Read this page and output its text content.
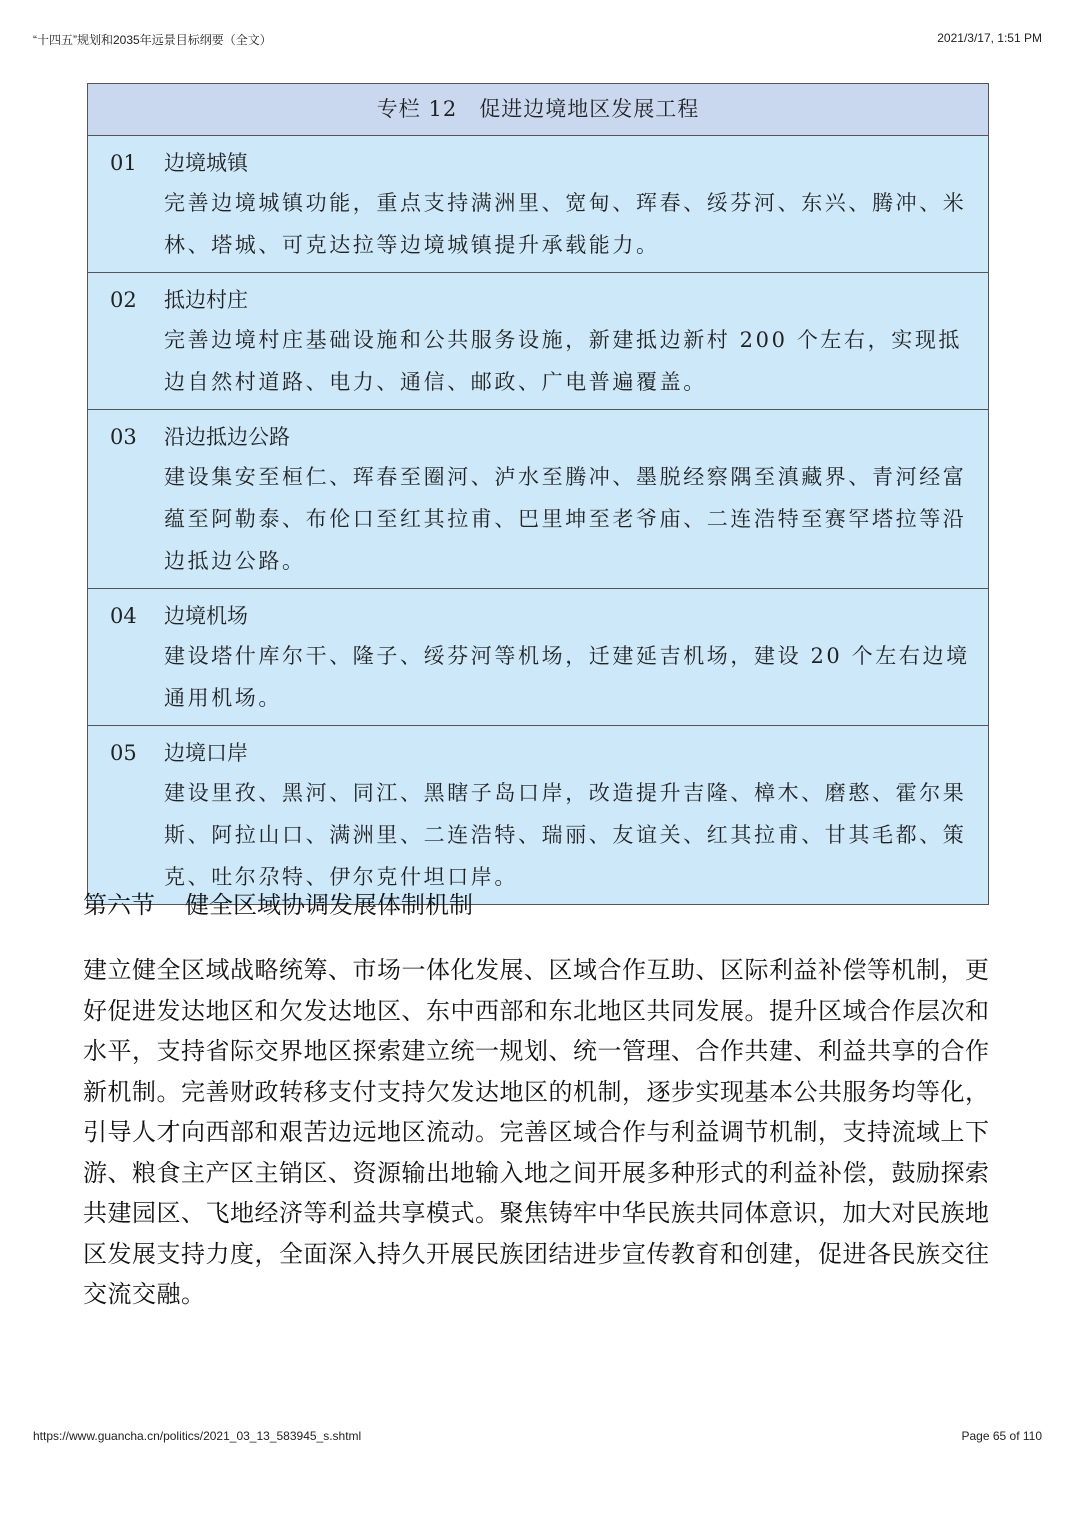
“十四五”规划和2035年远景目标纲要（全文）	2021/3/17, 1:51 PM
专栏 12　促进边境地区发展工程
01 边境城镇
完善边境城镇功能，重点支持满洲里、宽甸、珲春、绥芬河、东兴、腾冲、米林、塔城、可克达拉等边境城镇提升承载能力。
02 抵边村庄
完善边境村庄基础设施和公共服务设施，新建抵边新村 200 个左右，实现抵边自然村道路、电力、通信、邮政、广电普遍覆盖。
03 沿边抵边公路
建设集安至桓仁、珲春至圈河、泸水至腾冲、墨脱经察隅至滇藏界、青河经富蕴至阿勒泰、布伦口至红其拉甫、巴里坤至老爷庙、二连浩特至赛罕塔拉等沿边抵边公路。
04 边境机场
建设塔什库尔干、隆子、绥芬河等机场，迁建延吉机场，建设 20 个左右边境通用机场。
05 边境口岸
建设里孜、黑河、同江、黑瞎子岛口岸，改造提升吉隆、樟木、磨憨、霍尔果斯、阿拉山口、满洲里、二连浩特、瑞丽、友谊关、红其拉甫、甘其毛都、策克、吐尔尕特、伊尔克什坦口岸。
第六节 健全区域协调发展体制机制
建立健全区域战略统筹、市场一体化发展、区域合作互助、区际利益补偿等机制，更好促进发达地区和欠发达地区、东中西部和东北地区共同发展。提升区域合作层次和水平，支持省际交界地区探索建立统一规划、统一管理、合作共建、利益共享的合作新机制。完善财政转移支付支持欠发达地区的机制，逐步实现基本公共服务均等化，引导人才向西部和艰苦边远地区流动。完善区域合作与利益调节机制，支持流域上下游、粮食主产区主销区、资源输出地输入地之间开展多种形式的利益补偿，鼓励探索共建园区、飞地经济等利益共享模式。聚焦铸牢中华民族共同体意识，加大对民族地区发展支持力度，全面深入持久开展民族团结进步宣传教育和创建，促进各民族交往交流交融。
https://www.guancha.cn/politics/2021_03_13_583945_s.shtml	Page 65 of 110
